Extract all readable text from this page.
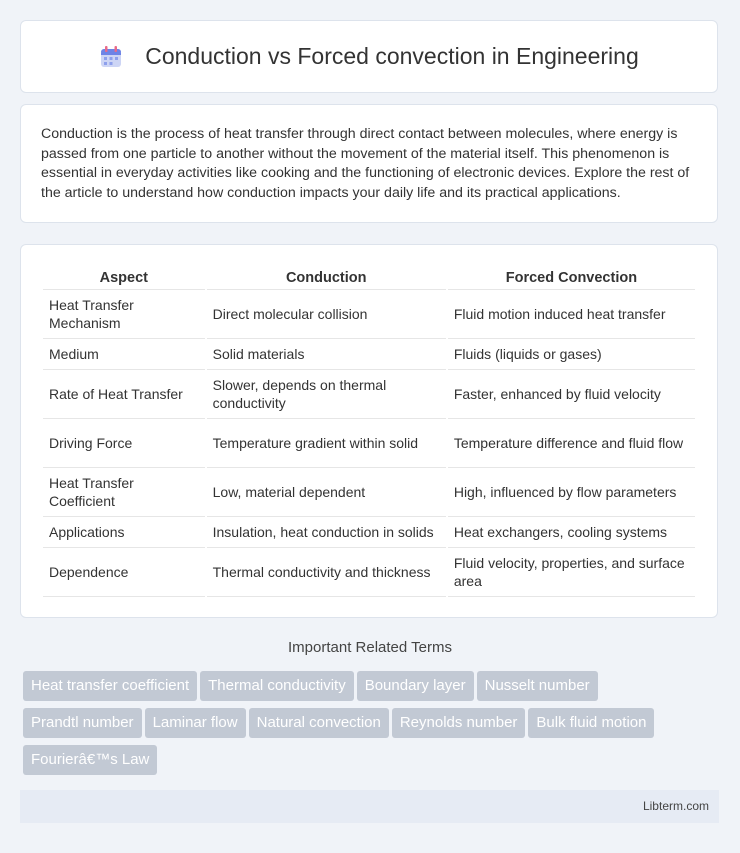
Conduction vs Forced convection in Engineering

Conduction is the process of heat transfer through direct contact between molecules, where energy is passed from one particle to another without the movement of the material itself. This phenomenon is essential in everyday activities like cooking and the functioning of electronic devices. Explore the rest of the article to understand how conduction impacts your daily life and its practical applications.

Aspect	Conduction	Forced Convection
Heat Transfer Mechanism	Direct molecular collision	Fluid motion induced heat transfer
Medium	Solid materials	Fluids (liquids or gases)
Rate of Heat Transfer	Slower, depends on thermal conductivity	Faster, enhanced by fluid velocity
Driving Force	Temperature gradient within solid	Temperature difference and fluid flow
Heat Transfer Coefficient	Low, material dependent	High, influenced by flow parameters
Applications	Insulation, heat conduction in solids	Heat exchangers, cooling systems
Dependence	Thermal conductivity and thickness	Fluid velocity, properties, and surface area
Important Related Terms
Heat transfer coefficient Thermal conductivity Boundary layer Nusselt number
Prandtl number Laminar flow Natural convection Reynolds number Bulk fluid motion
Fourierâ€™s Law
Libterm.com
